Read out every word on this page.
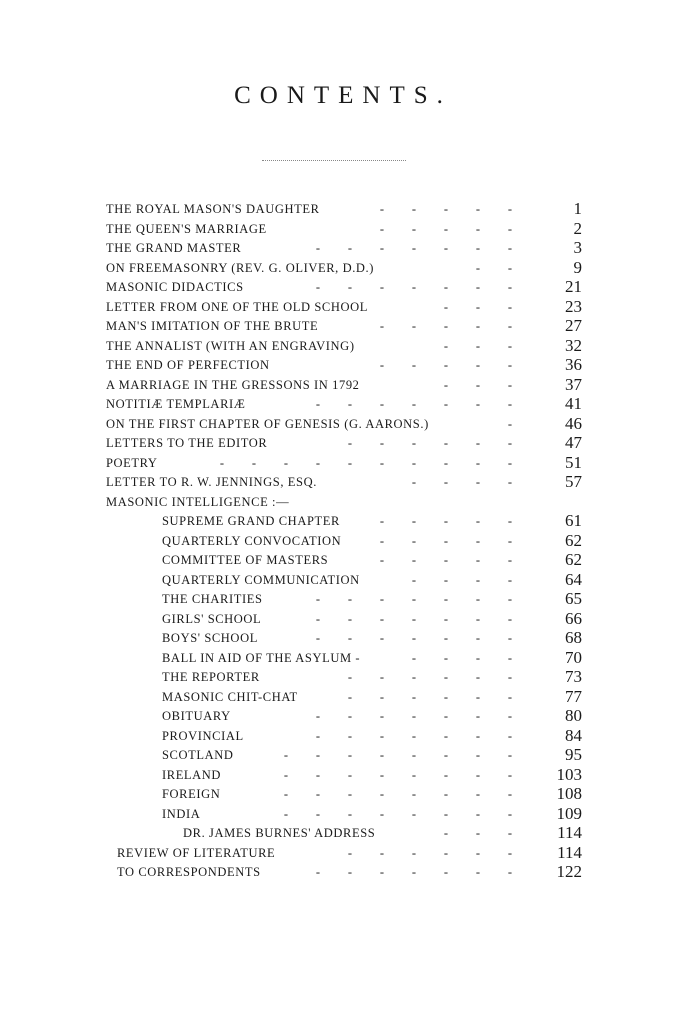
CONTENTS.
THE ROYAL MASON'S DAUGHTER	- - - - -	1
THE QUEEN'S MARRIAGE	- - - - -	2
THE GRAND MASTER	- - - - - - -	3
ON FREEMASONRY (REV. G. OLIVER, D.D.)	- -	9
MASONIC DIDACTICS	- - - - - - -	21
LETTER FROM ONE OF THE OLD SCHOOL	- - -	23
MAN'S IMITATION OF THE BRUTE	- - - - -	27
THE ANNALIST (WITH AN ENGRAVING)	- - -	32
THE END OF PERFECTION	- - - - -	36
A MARRIAGE IN THE GRESSONS IN 1792	- - -	37
NOTITIÆ TEMPLARIÆ	- - - - - - -	41
ON THE FIRST CHAPTER OF GENESIS (G. AARONS.)	-	46
LETTERS TO THE EDITOR	- - - - - -	47
POETRY	- - - - - - - - - -	51
LETTER TO R. W. JENNINGS, ESQ.	- - - -	57
MASONIC INTELLIGENCE :—
SUPREME GRAND CHAPTER	- - - - -	61
QUARTERLY CONVOCATION	- - - - -	62
COMMITTEE OF MASTERS	- - - - -	62
QUARTERLY COMMUNICATION	- - - -	64
THE CHARITIES	- - - - - - -	65
GIRLS' SCHOOL	- - - - - - -	66
BOYS' SCHOOL	- - - - - - -	68
BALL IN AID OF THE ASYLUM -	- - - -	70
THE REPORTER	- - - - - -	73
MASONIC CHIT-CHAT	- - - - - -	77
OBITUARY	- - - - - - -	80
PROVINCIAL	- - - - - - -	84
SCOTLAND	- - - - - - - -	95
IRELAND	- - - - - - - -	103
FOREIGN	- - - - - - - -	108
INDIA	- - - - - - - -	109
DR. JAMES BURNES' ADDRESS	- - -	114
REVIEW OF LITERATURE	- - - - - -	114
TO CORRESPONDENTS	- - - - - - -	122
